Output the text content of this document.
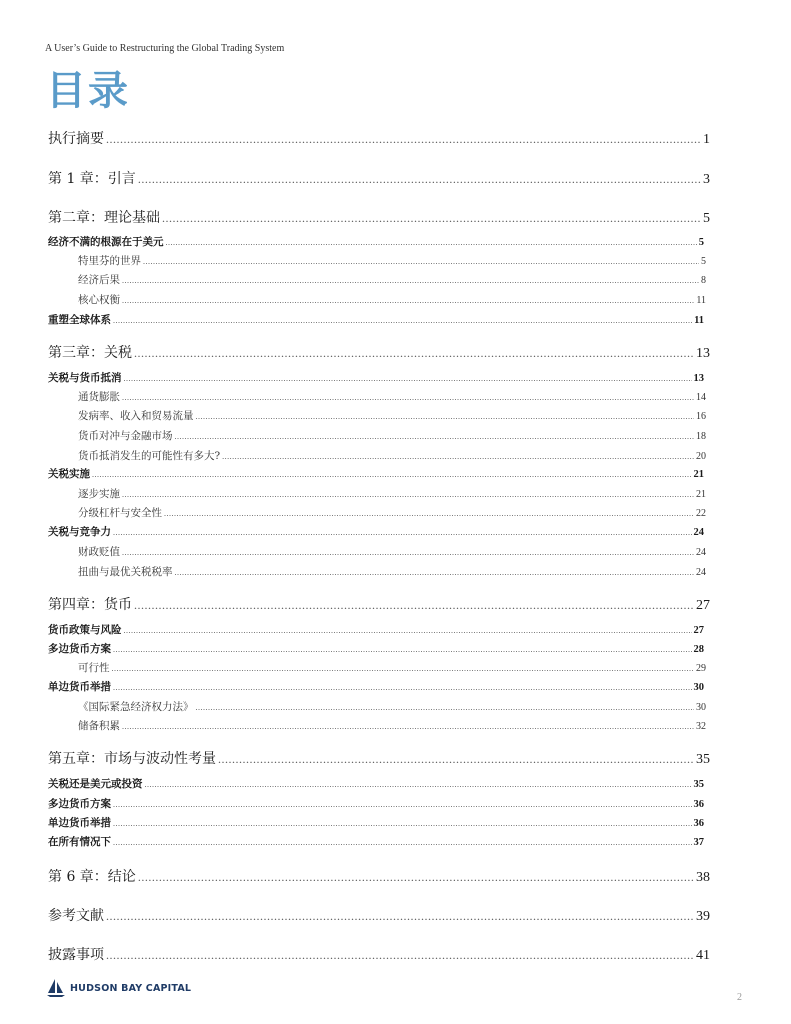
A User’s Guide to Restructuring the Global Trading System
目录
执行摘要 .....	1
第 1 章：引言 .....	3
第二章：理论基础 .....	5
经济不满的根源在于美元 .....	5
特里芬的世界 .....	5
经济后果 .....	8
核心权衡 .....	11
重塑全球体系 .....	11
第三章：关税 .....	13
关税与货币抵消 .....	13
通货膨胀 .....	14
发病率、收入和贸易流量 .....	16
货币对冲与金融市场 .....	18
货币抵消发生的可能性有多大? .....	20
关税实施 .....	21
逐步实施 .....	21
分级杠杆与安全性 .....	22
关税与竞争力 .....	24
财政贬值 .....	24
扭曲与最优关税税率 .....	24
第四章：货币 .....	27
货币政策与风险 .....	27
多边货币方案 .....	28
可行性 .....	29
单边货币举措 .....	30
《国际紧急经济权力法》 .....	30
储备积累 .....	32
第五章：市场与波动性考量 .....	35
关税还是美元或投资 .....	35
多边货币方案 .....	36
单边货币举措 .....	36
在所有情况下 .....	37
第 6 章：结论 .....	38
参考文献 .....	39
披露事项 .....	41
HUDSON BAY CAPITAL
2
